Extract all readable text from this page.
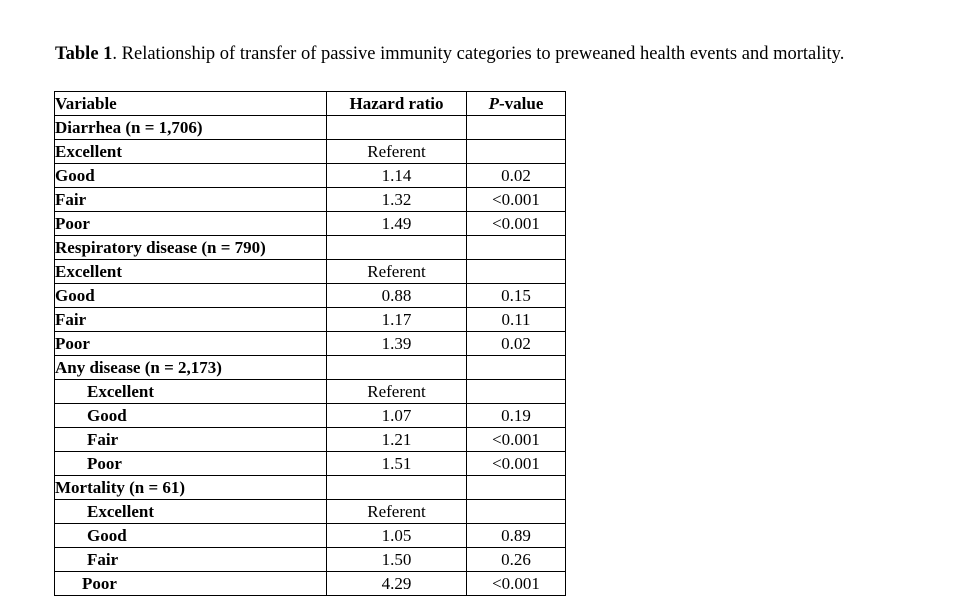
Table 1. Relationship of transfer of passive immunity categories to preweaned health events and mortality.
Variable	Hazard ratio	P-value
Diarrhea (n = 1,706)		
Excellent	Referent	
Good	1.14	0.02
Fair	1.32	<0.001
Poor	1.49	<0.001
Respiratory disease (n = 790)		
Excellent	Referent	
Good	0.88	0.15
Fair	1.17	0.11
Poor	1.39	0.02
Any disease (n = 2,173)		
Excellent	Referent	
Good	1.07	0.19
Fair	1.21	<0.001
Poor	1.51	<0.001
Mortality (n = 61)		
Excellent	Referent	
Good	1.05	0.89
Fair	1.50	0.26
Poor	4.29	<0.001
